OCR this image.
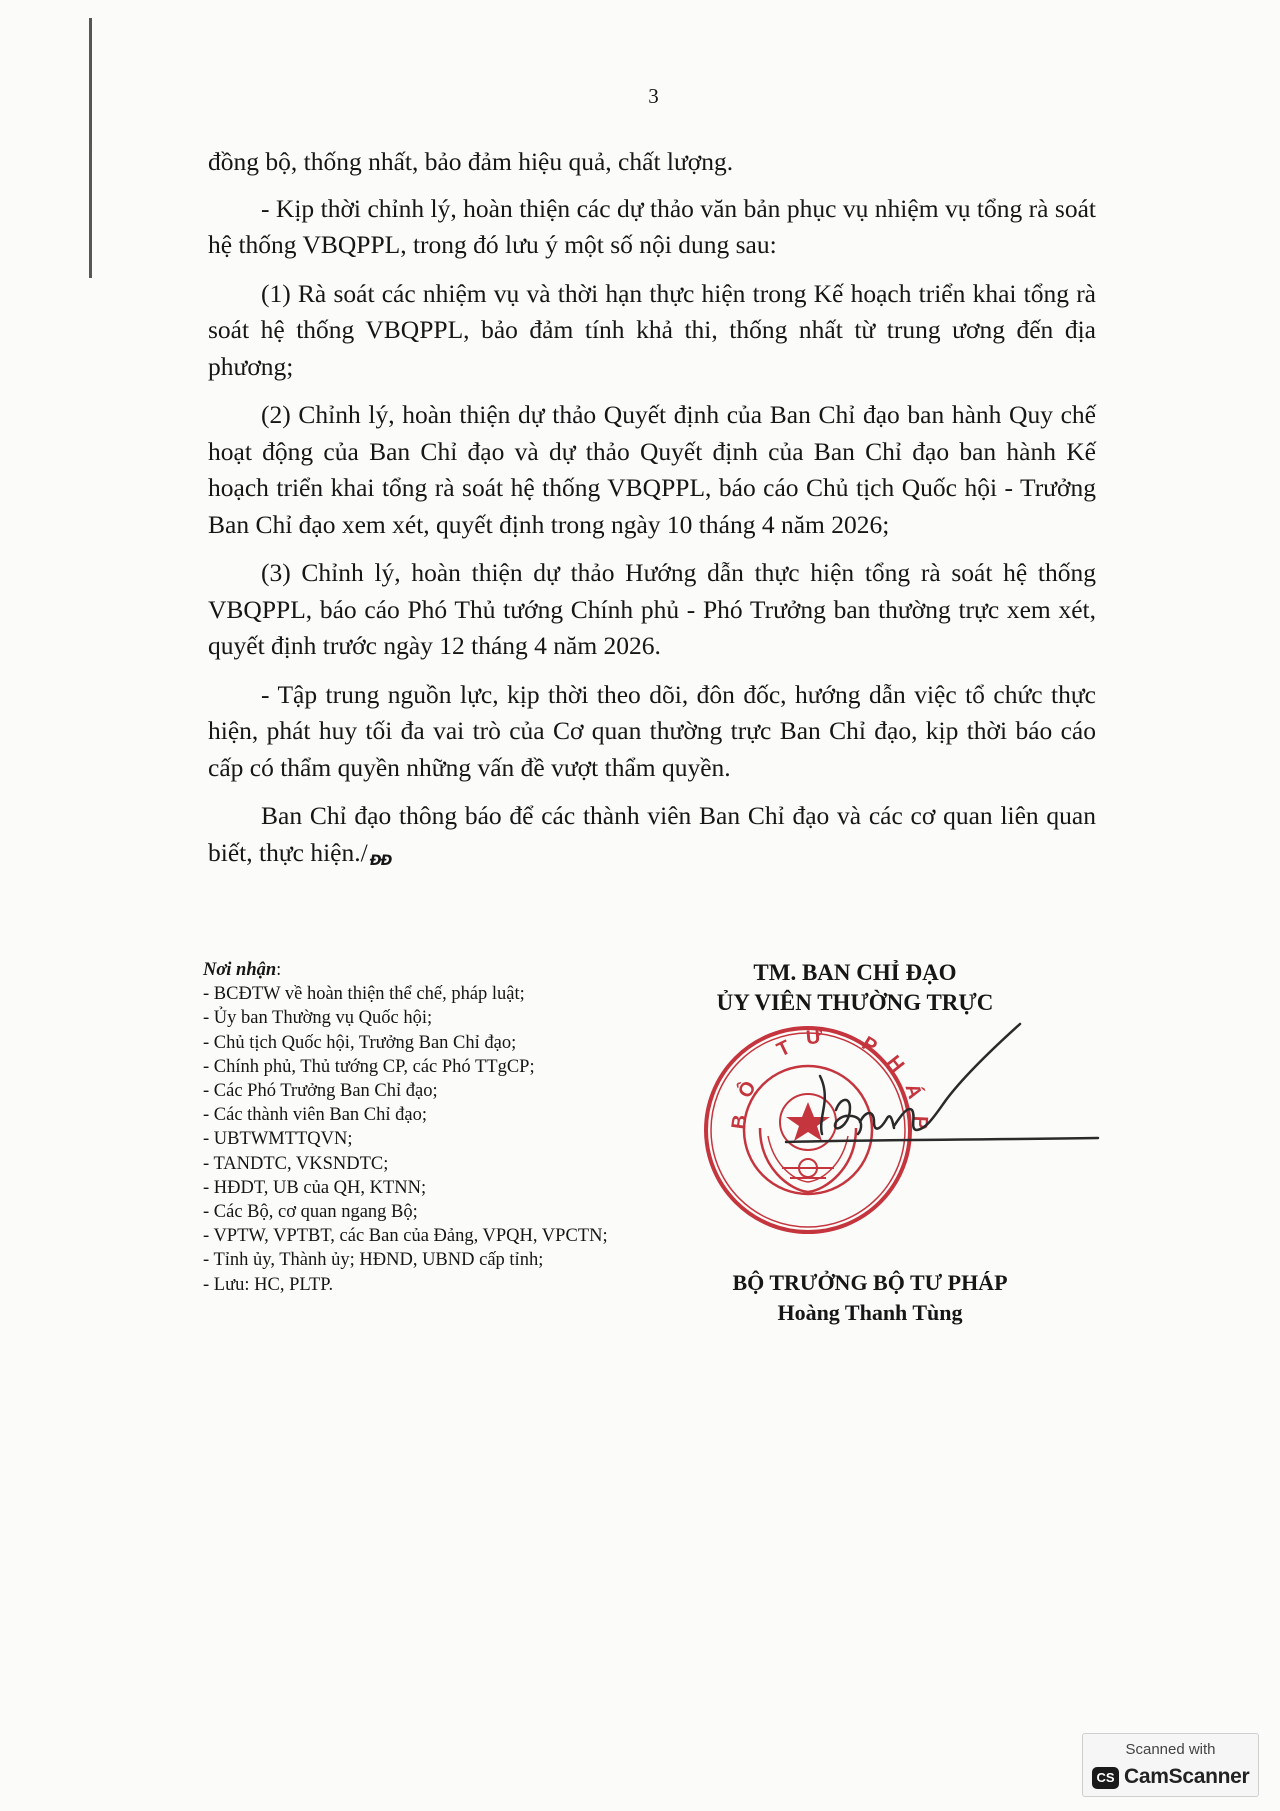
3

đồng bộ, thống nhất, bảo đảm hiệu quả, chất lượng.

- Kịp thời chỉnh lý, hoàn thiện các dự thảo văn bản phục vụ nhiệm vụ tổng rà soát hệ thống VBQPPL, trong đó lưu ý một số nội dung sau:

(1) Rà soát các nhiệm vụ và thời hạn thực hiện trong Kế hoạch triển khai tổng rà soát hệ thống VBQPPL, bảo đảm tính khả thi, thống nhất từ trung ương đến địa phương;

(2) Chỉnh lý, hoàn thiện dự thảo Quyết định của Ban Chỉ đạo ban hành Quy chế hoạt động của Ban Chỉ đạo và dự thảo Quyết định của Ban Chỉ đạo ban hành Kế hoạch triển khai tổng rà soát hệ thống VBQPPL, báo cáo Chủ tịch Quốc hội - Trưởng Ban Chỉ đạo xem xét, quyết định trong ngày 10 tháng 4 năm 2026;

(3) Chỉnh lý, hoàn thiện dự thảo Hướng dẫn thực hiện tổng rà soát hệ thống VBQPPL, báo cáo Phó Thủ tướng Chính phủ - Phó Trưởng ban thường trực xem xét, quyết định trước ngày 12 tháng 4 năm 2026.

- Tập trung nguồn lực, kịp thời theo dõi, đôn đốc, hướng dẫn việc tổ chức thực hiện, phát huy tối đa vai trò của Cơ quan thường trực Ban Chỉ đạo, kịp thời báo cáo cấp có thẩm quyền những vấn đề vượt thẩm quyền.

Ban Chỉ đạo thông báo để các thành viên Ban Chỉ đạo và các cơ quan liên quan biết, thực hiện./ ĐĐ

Nơi nhận:
- BCĐTW về hoàn thiện thể chế, pháp luật;
- Ủy ban Thường vụ Quốc hội;
- Chủ tịch Quốc hội, Trưởng Ban Chỉ đạo;
- Chính phủ, Thủ tướng CP, các Phó TTgCP;
- Các Phó Trưởng Ban Chỉ đạo;
- Các thành viên Ban Chỉ đạo;
- UBTWMTTQVN;
- TANDTC, VKSNDTC;
- HĐDT, UB của QH, KTNN;
- Các Bộ, cơ quan ngang Bộ;
- VPTW, VPTBT, các Ban của Đảng, VPQH, VPCTN;
- Tỉnh ủy, Thành ủy; HĐND, UBND cấp tỉnh;
- Lưu: HC, PLTP.
TM. BAN CHỈ ĐẠO
ỦY VIÊN THƯỜNG TRỰC
BỘ TƯ PHÁP
BỘ TRƯỞNG BỘ TƯ PHÁP
Hoàng Thanh Tùng
Scanned with
CS CamScanner
